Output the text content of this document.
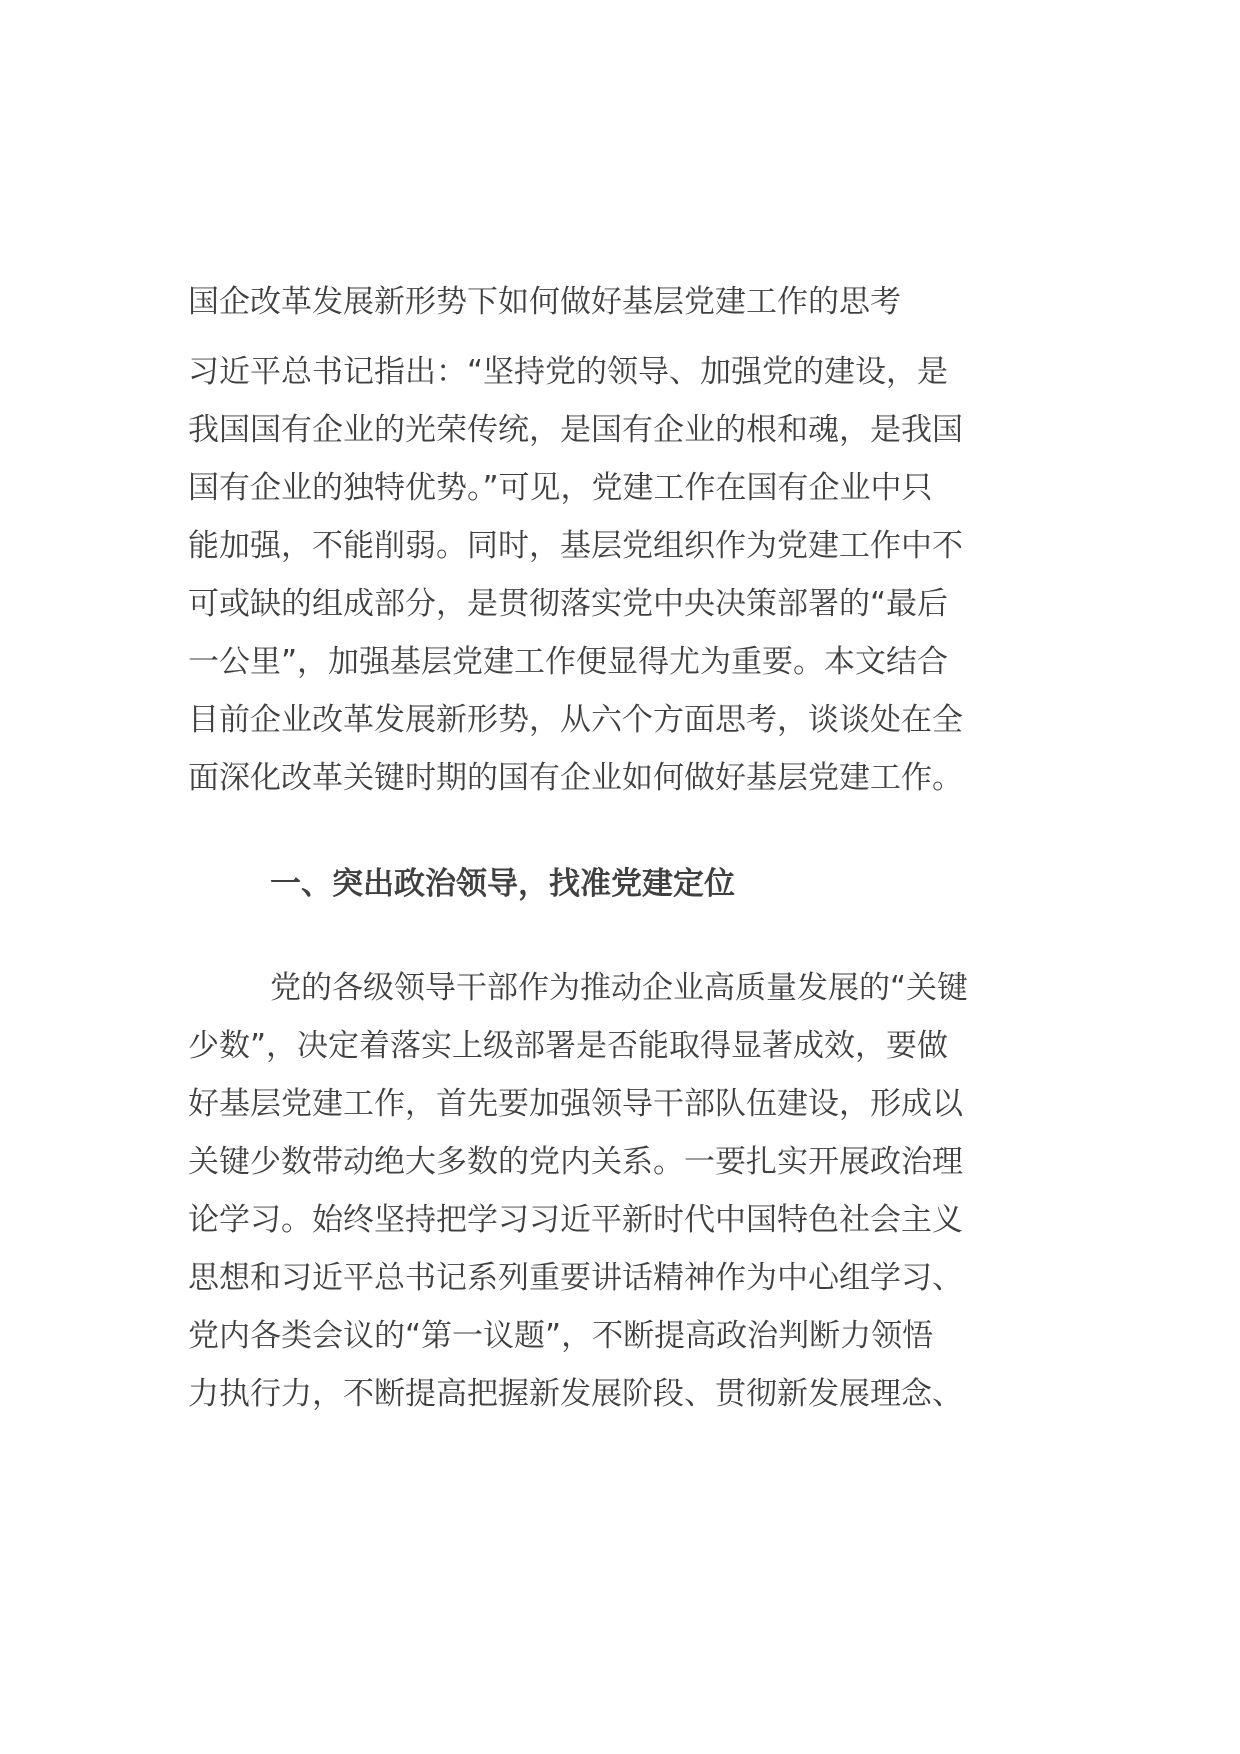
国企改革发展新形势下如何做好基层党建工作的思考
习近平总书记指出：“坚持党的领导、加强党的建设，是
我国国有企业的光荣传统，是国有企业的根和魂，是我国
国有企业的独特优势。”可见，党建工作在国有企业中只
能加强，不能削弱。同时，基层党组织作为党建工作中不
可或缺的组成部分，是贯彻落实党中央决策部署的“最后
一公里”，加强基层党建工作便显得尤为重要。本文结合
目前企业改革发展新形势，从六个方面思考，谈谈处在全
面深化改革关键时期的国有企业如何做好基层党建工作。
一、突出政治领导，找准党建定位
党的各级领导干部作为推动企业高质量发展的“关键
少数”，决定着落实上级部署是否能取得显著成效，要做
好基层党建工作，首先要加强领导干部队伍建设，形成以
关键少数带动绝大多数的党内关系。一要扎实开展政治理
论学习。始终坚持把学习习近平新时代中国特色社会主义
思想和习近平总书记系列重要讲话精神作为中心组学习、
党内各类会议的“第一议题”，不断提高政治判断力领悟
力执行力，不断提高把握新发展阶段、贯彻新发展理念、
